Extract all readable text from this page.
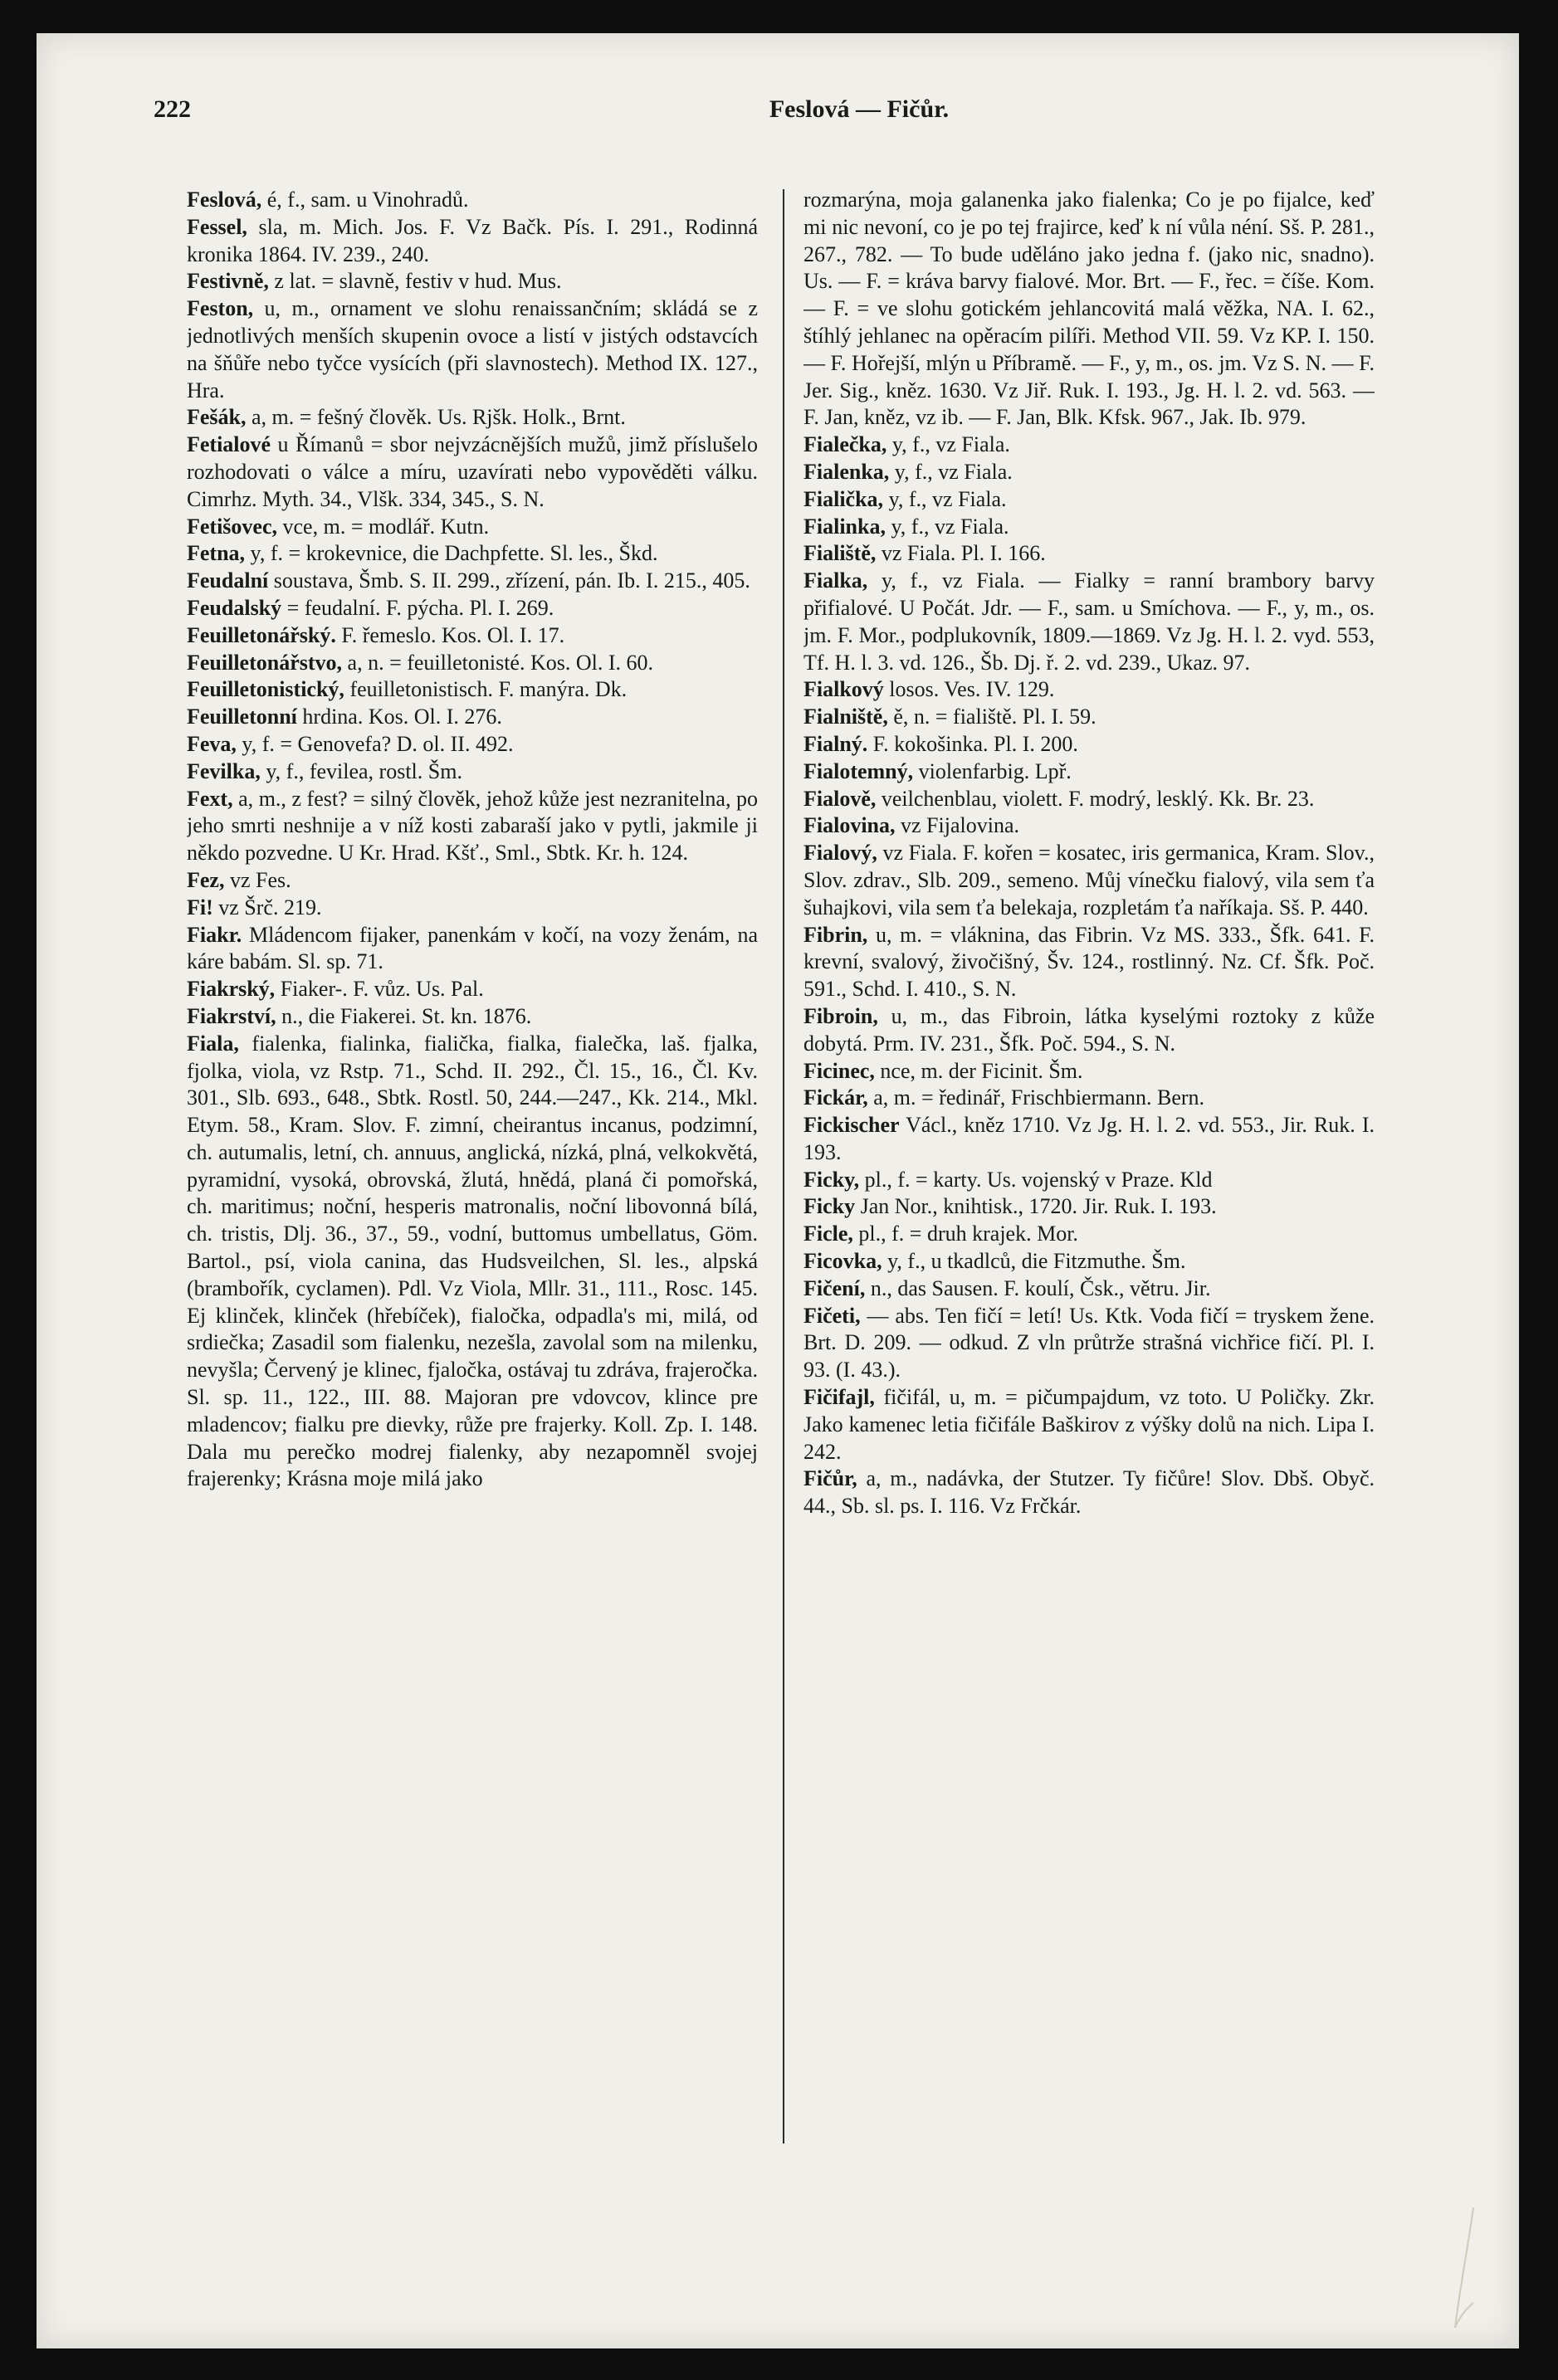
222	Feslová — Fičůr.

Feslová, é, f., sam. u Vinohradů.

Fessel, sla, m. Mich. Jos. F. Vz Bačk. Pís. I. 291., Rodinná kronika 1864. IV. 239., 240.

Festivně, z lat. = slavně, festiv v hud. Mus.

Feston, u, m., ornament ve slohu renaissančním; skládá se z jednotlivých menších skupenin ovoce a listí v jistých odstavcích na šňůře nebo tyčce vysících (při slavnostech). Method IX. 127., Hra.

Fešák, a, m. = fešný člověk. Us. Rjšk. Holk., Brnt.

Fetialové u Římanů = sbor nejvzácnějších mužů, jimž příslušelo rozhodovati o válce a míru, uzavírati nebo vypověděti válku. Cimrhz. Myth. 34., Vlšk. 334, 345., S. N.

Fetišovec, vce, m. = modlář. Kutn.

Fetna, y, f. = krokevnice, die Dachpfette. Sl. les., Škd.

Feudalní soustava, Šmb. S. II. 299., zřízení, pán. Ib. I. 215., 405.

Feudalský = feudalní. F. pýcha. Pl. I. 269.

Feuilletonářský. F. řemeslo. Kos. Ol. I. 17.

Feuilletonářstvo, a, n. = feuilletonisté. Kos. Ol. I. 60.

Feuilletonistický, feuilletonistisch. F. manýra. Dk.

Feuilletonní hrdina. Kos. Ol. I. 276.

Feva, y, f. = Genovefa? D. ol. II. 492.

Fevilka, y, f., fevilea, rostl. Šm.

Fext, a, m., z fest? = silný člověk, jehož kůže jest nezranitelna, po jeho smrti neshnije a v níž kosti zabaraší jako v pytli, jakmile ji někdo pozvedne. U Kr. Hrad. Kšť., Sml., Sbtk. Kr. h. 124.

Fez, vz Fes.

Fi! vz Šrč. 219.

Fiakr. Mládencom fijaker, panenkám v kočí, na vozy ženám, na káre babám. Sl. sp. 71.

Fiakrský, Fiaker-. F. vůz. Us. Pal.

Fiakrství, n., die Fiakerei. St. kn. 1876.

Fiala, fialenka, fialinka, fialička, fialka, fialečka, laš. fjalka, fjolka, viola, vz Rstp. 71., Schd. II. 292., Čl. 15., 16., Čl. Kv. 301., Slb. 693., 648., Sbtk. Rostl. 50, 244.—247., Kk. 214., Mkl. Etym. 58., Kram. Slov. F. zimní, cheirantus incanus, podzimní, ch. autumalis, letní, ch. annuus, anglická, nízká, plná, velkokvětá, pyramidní, vysoká, obrovská, žlutá, hnědá, planá či pomořská, ch. maritimus; noční, hesperis matronalis, noční libovonná bílá, ch. tristis, Dlj. 36., 37., 59., vodní, buttomus umbellatus, Göm. Bartol., psí, viola canina, das Hudsveilchen, Sl. les., alpská (brambořík, cyclamen). Pdl. Vz Viola, Mllr. 31., 111., Rosc. 145. Ej klinček, klinček (hřebíček), fialočka, odpadla's mi, milá, od srdiečka; Zasadil som fialenku, nezešla, zavolal som na milenku, nevyšla; Červený je klinec, fjaločka, ostávaj tu zdráva, frajeročka. Sl. sp. 11., 122., III. 88. Majoran pre vdovcov, klince pre mladencov; fialku pre dievky, růže pre frajerky. Koll. Zp. I. 148. Dala mu perečko modrej fialenky, aby nezapomněl svojej frajerenky; Krásna moje milá jako

rozmarýna, moja galanenka jako fialenka; Co je po fijalce, keď mi nic nevoní, co je po tej frajirce, keď k ní vůla néní. Sš. P. 281., 267., 782. — To bude uděláno jako jedna f. (jako nic, snadno). Us. — F. = kráva barvy fialové. Mor. Brt. — F., řec. = číše. Kom. — F. = ve slohu gotickém jehlancovitá malá věžka, NA. I. 62., štíhlý jehlanec na opěracím pilíři. Method VII. 59. Vz KP. I. 150. — F. Hořejší, mlýn u Příbramě. — F., y, m., os. jm. Vz S. N. — F. Jer. Sig., kněz. 1630. Vz Jiř. Ruk. I. 193., Jg. H. l. 2. vd. 563. — F. Jan, kněz, vz ib. — F. Jan, Blk. Kfsk. 967., Jak. Ib. 979.

Fialečka, y, f., vz Fiala.

Fialenka, y, f., vz Fiala.

Fialička, y, f., vz Fiala.

Fialinka, y, f., vz Fiala.

Fialiště, vz Fiala. Pl. I. 166.

Fialka, y, f., vz Fiala. — Fialky = ranní brambory barvy přifialové. U Počát. Jdr. — F., sam. u Smíchova. — F., y, m., os. jm. F. Mor., podplukovník, 1809.—1869. Vz Jg. H. l. 2. vyd. 553, Tf. H. l. 3. vd. 126., Šb. Dj. ř. 2. vd. 239., Ukaz. 97.

Fialkový losos. Ves. IV. 129.

Fialniště, ě, n. = fialiště. Pl. I. 59.

Fialný. F. kokošinka. Pl. I. 200.

Fialotemný, violenfarbig. Lpř.

Fialově, veilchenblau, violett. F. modrý, lesklý. Kk. Br. 23.

Fialovina, vz Fijalovina.

Fialový, vz Fiala. F. kořen = kosatec, iris germanica, Kram. Slov., Slov. zdrav., Slb. 209., semeno. Můj vínečku fialový, vila sem ťa šuhajkovi, vila sem ťa belekaja, rozpletám ťa naříkaja. Sš. P. 440.

Fibrin, u, m. = vláknina, das Fibrin. Vz MS. 333., Šfk. 641. F. krevní, svalový, živočišný, Šv. 124., rostlinný. Nz. Cf. Šfk. Poč. 591., Schd. I. 410., S. N.

Fibroin, u, m., das Fibroin, látka kyselými roztoky z kůže dobytá. Prm. IV. 231., Šfk. Poč. 594., S. N.

Ficinec, nce, m. der Ficinit. Šm.

Fickár, a, m. = ředinář, Frischbiermann. Bern.

Fickischer Václ., kněz 1710. Vz Jg. H. l. 2. vd. 553., Jir. Ruk. I. 193.

Ficky, pl., f. = karty. Us. vojenský v Praze. Kld

Ficky Jan Nor., knihtisk., 1720. Jir. Ruk. I. 193.

Ficle, pl., f. = druh krajek. Mor.

Ficovka, y, f., u tkadlců, die Fitzmuthe. Šm.

Fičení, n., das Sausen. F. koulí, Čsk., větru. Jir.

Fičeti, — abs. Ten fičí = letí! Us. Ktk. Voda fičí = tryskem žene. Brt. D. 209. — odkud. Z vln průtrže strašná vichřice fičí. Pl. I. 93. (I. 43.).

Fičifajl, fičifál, u, m. = pičumpajdum, vz toto. U Poličky. Zkr. Jako kamenec letia fičifále Baškirov z výšky dolů na nich. Lipa I. 242.

Fičůr, a, m., nadávka, der Stutzer. Ty fičůre! Slov. Dbš. Obyč. 44., Sb. sl. ps. I. 116. Vz Frčkár.
